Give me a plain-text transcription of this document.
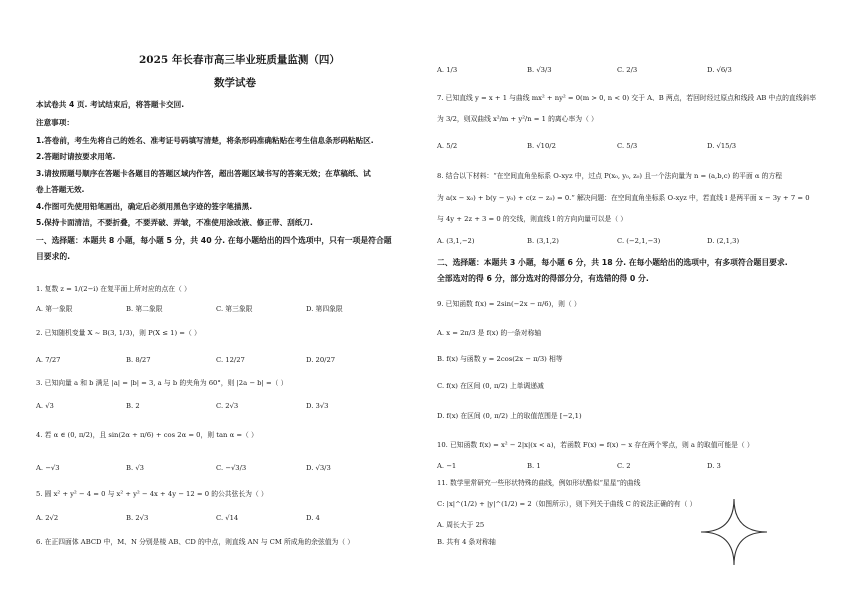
2025 年长春市高三毕业班质量监测（四）
数学试卷
本试卷共 4 页. 考试结束后，将答题卡交回.
注意事项：
1.答卷前，考生先将自己的姓名、准考证号码填写清楚，将条形码准确粘贴在考生信息条形码粘贴区.
2.答题时请按要求用笔.
3.请按照题号顺序在答题卡各题目的答题区域内作答，超出答题区域书写的答案无效；在草稿纸、试
卷上答题无效.
4.作图可先使用铅笔画出，确定后必须用黑色字迹的签字笔描黑.
5.保持卡面清洁，不要折叠，不要弄破、弄皱，不准使用涂改液、修正带、刮纸刀.
一、选择题：本题共 8 小题，每小题 5 分，共 40 分. 在每小题给出的四个选项中，只有一项是符合题
目要求的.
1. 复数 z = 1/(2−i) 在复平面上所对应的点在（ ）
A. 第一象限	B. 第二象限	C. 第三象限	D. 第四象限
2. 已知随机变量 X ~ B(3, 1/3)，则 P(X ≤ 1) =（ ）
A. 7/27	B. 8/27	C. 12/27	D. 20/27
3. 已知向量 a 和 b 满足 |a| = |b| = 3, a 与 b 的夹角为 60°，则 |2a − b| =（ ）
A. √3	B. 2	C. 2√3	D. 3√3
4. 若 α ∈ (0, π/2)，且 sin(2α + π/6) + cos 2α = 0，则 tan α =（ ）
A. −√3	B. √3	C. −√3/3	D. √3/3
5. 圆 x² + y² − 4 = 0 与 x² + y² − 4x + 4y − 12 = 0 的公共弦长为（ ）
A. 2√2	B. 2√3	C. √14	D. 4
6. 在正四面体 ABCD 中，M、N 分别是棱 AB、CD 的中点，则直线 AN 与 CM 所成角的余弦值为（ ）
A. 1/3	B. √3/3	C. 2/3	D. √6/3
7. 已知直线 y = x + 1 与曲线 mx² + ny² = 0(m > 0, n < 0) 交于 A、B 两点，若回时经过原点和线段 AB 中点的直线斜率
为 3/2，则双曲线 x²/m + y²/n = 1 的离心率为（ ）
A. 5/2	B. √10/2	C. 5/3	D. √15/3
8. 结合以下材料：“在空间直角坐标系 O-xyz 中，过点 P(x₀, y₀, z₀) 且一个法向量为 n = (a,b,c) 的平面 α 的方程
为 a(x − x₀) + b(y − y₀) + c(z − z₀) = 0.” 解决问题：在空间直角坐标系 O-xyz 中，若直线 l 是两平面 x − 3y + 7 = 0
与 4y + 2z + 3 = 0 的交线，则直线 l 的方向向量可以是（ ）
A. (3,1,−2)	B. (3,1,2)	C. (−2,1,−3)	D. (2,1,3)
二、选择题：本题共 3 小题，每小题 6 分，共 18 分. 在每小题给出的选项中，有多项符合题目要求.
全部选对的得 6 分，部分选对的得部分分，有选错的得 0 分.
9. 已知函数 f(x) = 2sin(−2x − π/6)，则（ ）
A. x = 2π/3 是 f(x) 的一条对称轴
B. f(x) 与函数 y = 2cos(2x − π/3) 相等
C. f(x) 在区间 (0, π/2) 上单调递减
D. f(x) 在区间 (0, π/2) 上的取值范围是 [−2,1)
10. 已知函数 f(x) = x² − 2|x|(x < a)，若函数 F(x) = f(x) − x 存在两个零点，则 a 的取值可能是（ ）
A. −1	B. 1	C. 2	D. 3
11. 数学里常研究一些形状特殊的曲线，例如形状酷似“星星”的曲线
C: |x|^(1/2) + |y|^(1/2) = 2（如图所示），则下列关于曲线 C 的说法正确的有（ ）
A. 周长大于 25
B. 共有 4 条对称轴
